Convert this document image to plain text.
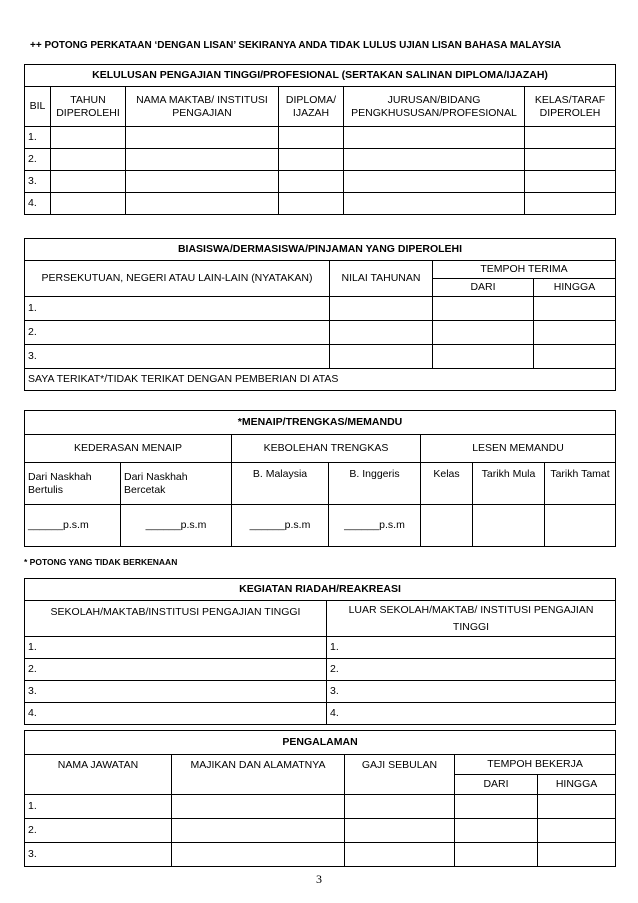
++ POTONG PERKATAAN ‘DENGAN LISAN’ SEKIRANYA ANDA TIDAK LULUS UJIAN LISAN BAHASA MALAYSIA
KELULUSAN PENGAJIAN TINGGI/PROFESIONAL (SERTAKAN SALINAN DIPLOMA/IJAZAH)					
BIL	TAHUN DIPEROLEHI	NAMA MAKTAB/ INSTITUSI PENGAJIAN	DIPLOMA/ IJAZAH	JURUSAN/BIDANG PENGKHUSUSAN/PROFESIONAL	KELAS/TARAF DIPEROLEH
1.					
2.					
3.					
4.					
BIASISWA/DERMASISWA/PINJAMAN YANG DIPEROLEHI			
PERSEKUTUAN, NEGERI ATAU LAIN-LAIN (NYATAKAN)	NILAI TAHUNAN	TEMPOH TERIMA	
		DARI	HINGGA
1.			
2.			
3.			
SAYA TERIKAT*/TIDAK TERIKAT DENGAN PEMBERIAN DI ATAS			
*MENAIP/TRENGKAS/MEMANDU						
KEDERASAN MENAIP		KEBOLEHAN TRENGKAS		LESEN MEMANDU		
Dari Naskhah Bertulis	Dari Naskhah Bercetak	B. Malaysia	B. Inggeris	Kelas	Tarikh Mula	Tarikh Tamat
______p.s.m	______p.s.m	______p.s.m	______p.s.m			
* POTONG YANG TIDAK BERKENAAN
KEGIATAN RIADAH/REAKREASI	
SEKOLAH/MAKTAB/INSTITUSI PENGAJIAN TINGGI	LUAR SEKOLAH/MAKTAB/ INSTITUSI PENGAJIAN TINGGI
1.	1.
2.	2.
3.	3.
4.	4.
PENGALAMAN				
NAMA JAWATAN	MAJIKAN DAN ALAMATNYA	GAJI SEBULAN	TEMPOH BEKERJA	
			DARI	HINGGA
1.				
2.				
3.				
3
